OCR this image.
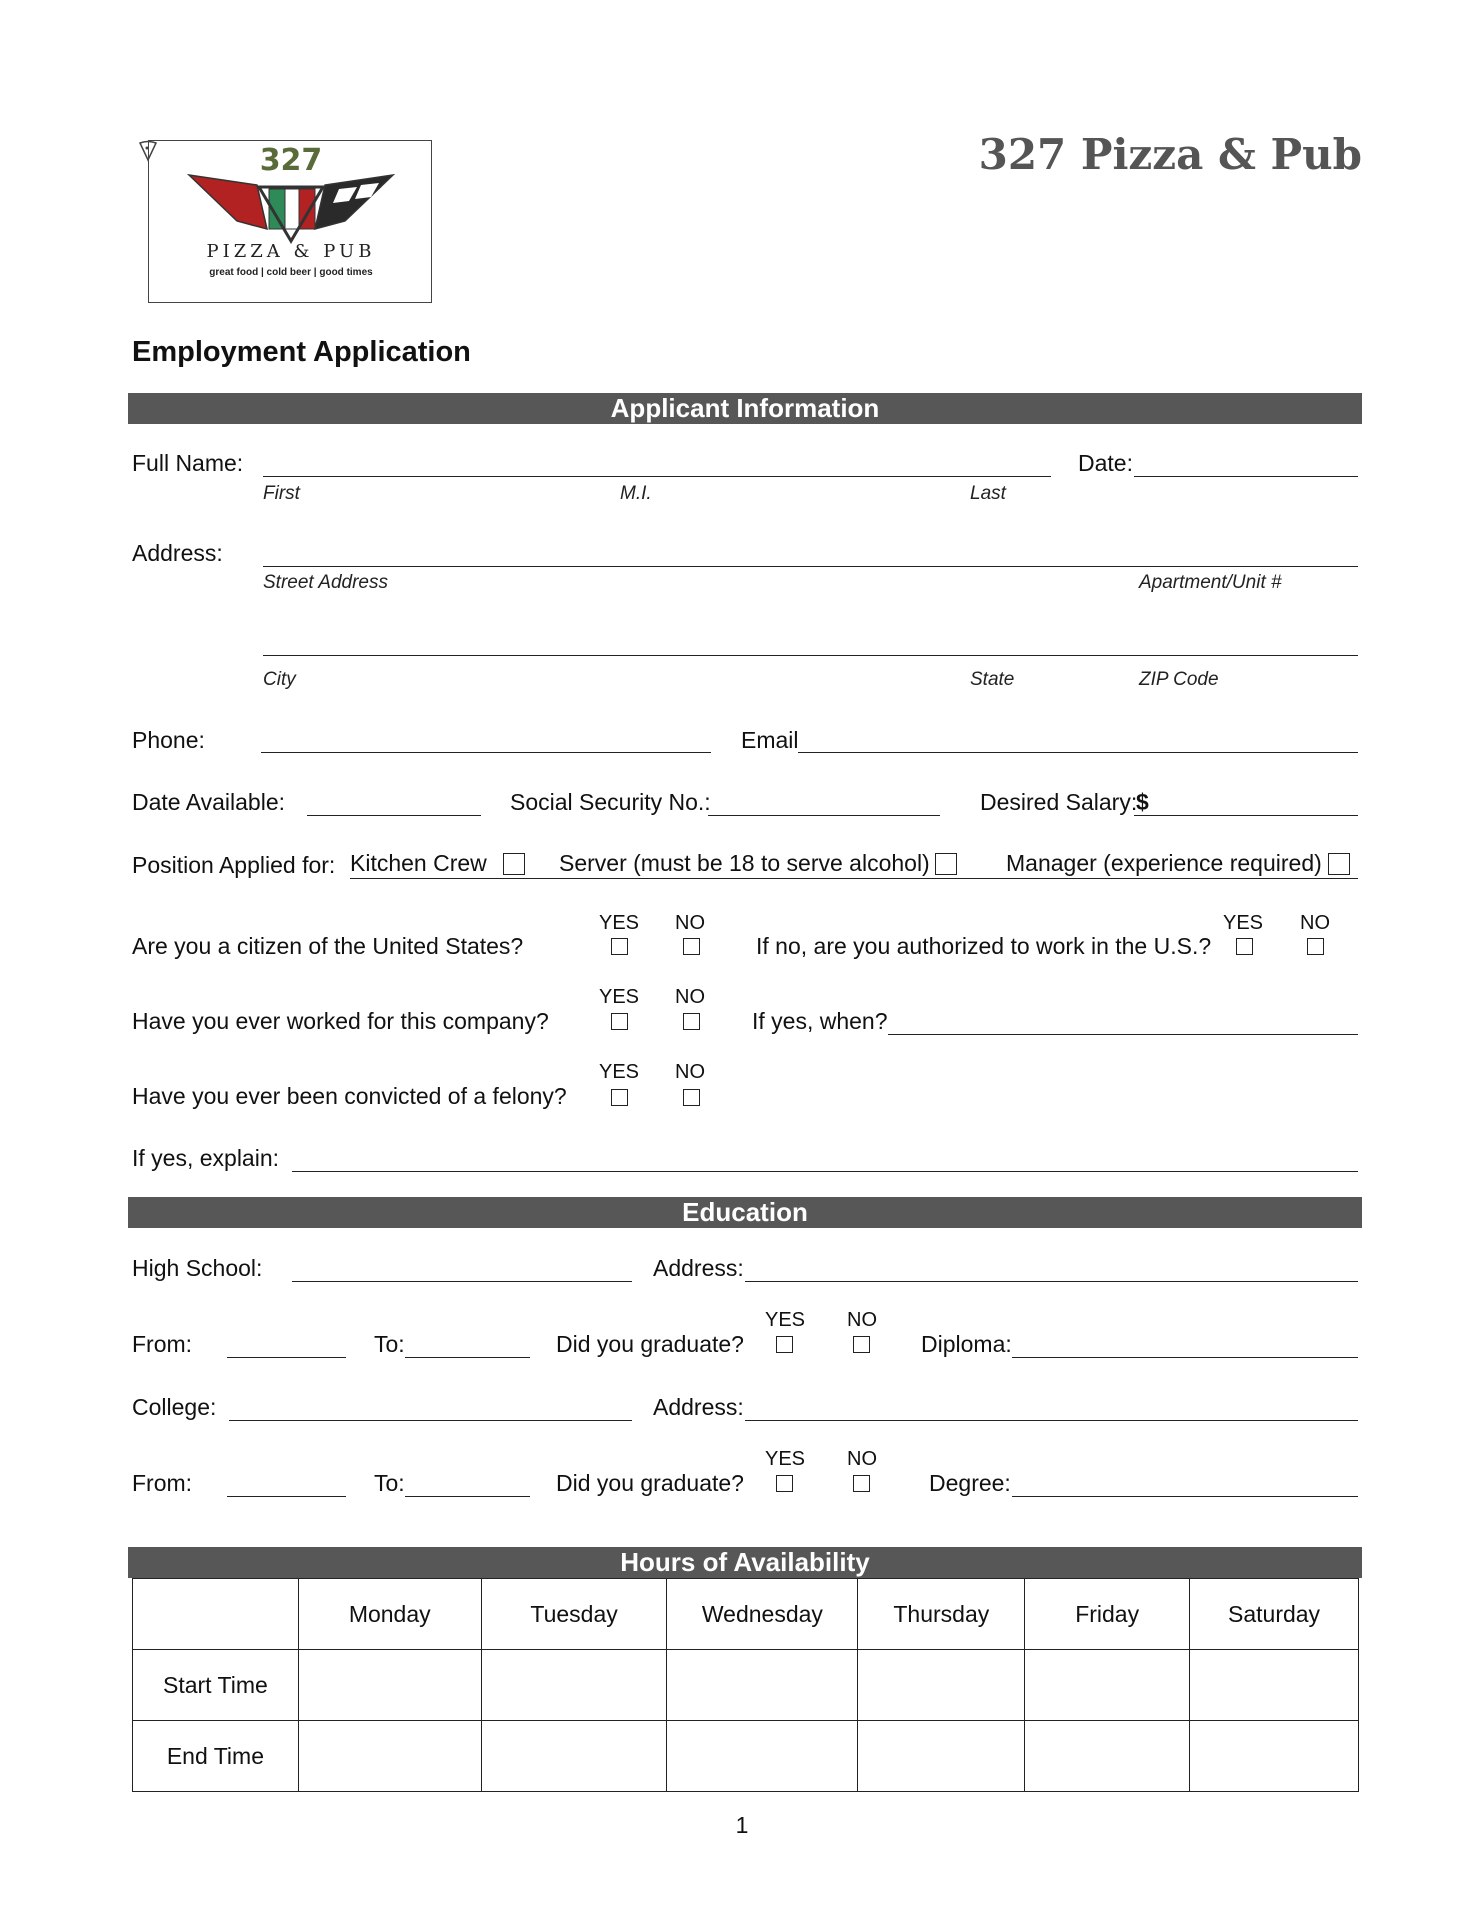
327
PIZZA & PUB
great food | cold beer | good times
327 Pizza & Pub
Employment Application
Applicant Information
Full Name:	Date:
First	M.I.	Last
Address:
Street Address	Apartment/Unit #
City	State	ZIP Code
Phone:	Email
Date Available:	Social Security No.:	Desired Salary:
$
Position Applied for: Kitchen Crew	Server (must be 18 to serve alcohol)	Manager (experience required)
YES NO
Are you a citizen of the United States?
YES NO
If no, are you authorized to work in the U.S.?
YES NO
Have you ever worked for this company?	If yes, when?
YES NO
Have you ever been convicted of a felony?
If yes, explain:
Education
High School:	Address:
YES NO
From:	To:	Did you graduate?	Diploma:
College:	Address:
YES NO
From:	To:	Did you graduate?	Degree:
Hours of Availability
	Monday	Tuesday	Wednesday	Thursday	Friday	Saturday
Start Time						
End Time						
1
